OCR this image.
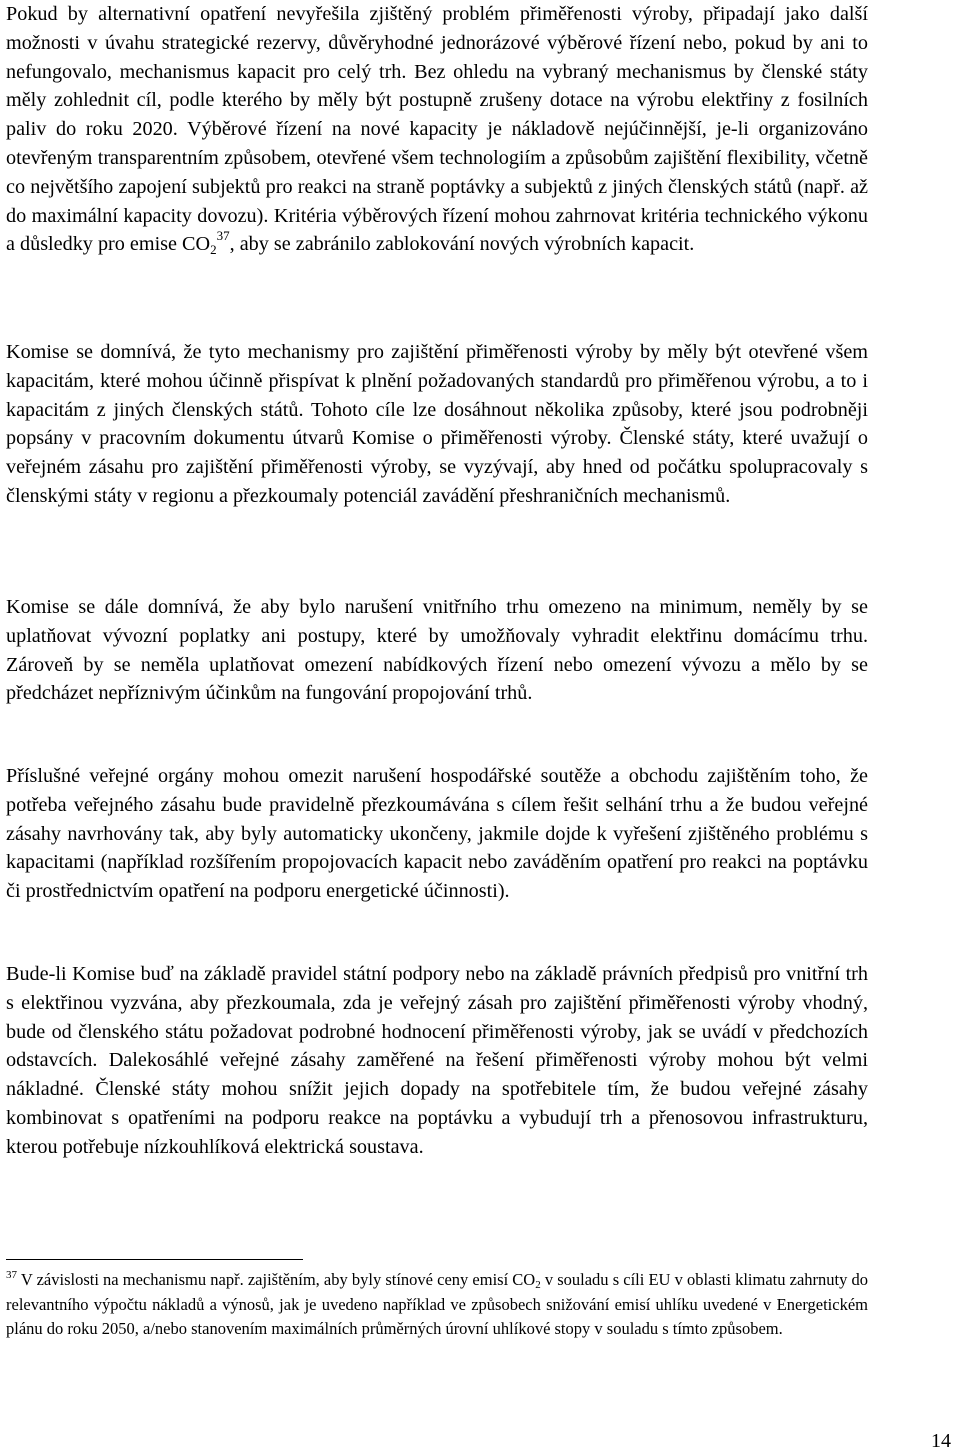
Pokud by alternativní opatření nevyřešila zjištěný problém přiměřenosti výroby, připadají jako další možnosti v úvahu strategické rezervy, důvěryhodné jednorázové výběrové řízení nebo, pokud by ani to nefungovalo, mechanismus kapacit pro celý trh. Bez ohledu na vybraný mechanismus by členské státy měly zohlednit cíl, podle kterého by měly být postupně zrušeny dotace na výrobu elektřiny z fosilních paliv do roku 2020. Výběrové řízení na nové kapacity je nákladově nejúčinnější, je-li organizováno otevřeným transparentním způsobem, otevřené všem technologiím a způsobům zajištění flexibility, včetně co největšího zapojení subjektů pro reakci na straně poptávky a subjektů z jiných členských států (např. až do maximální kapacity dovozu). Kritéria výběrových řízení mohou zahrnovat kritéria technického výkonu a důsledky pro emise $CO_2^{37}$, aby se zabránilo zablokování nových výrobních kapacit.

Komise se domnívá, že tyto mechanismy pro zajištění přiměřenosti výroby by měly být otevřené všem kapacitám, které mohou účinně přispívat k plnění požadovaných standardů pro přiměřenou výrobu, a to i kapacitám z jiných členských států. Tohoto cíle lze dosáhnout několika způsoby, které jsou podrobněji popsány v pracovním dokumentu útvarů Komise o přiměřenosti výroby. Členské státy, které uvažují o veřejném zásahu pro zajištění přiměřenosti výroby, se vyzývají, aby hned od počátku spolupracovaly s členskými státy v regionu a přezkoumaly potenciál zavádění přeshraničních mechanismů.

Komise se dále domnívá, že aby bylo narušení vnitřního trhu omezeno na minimum, neměly by se uplatňovat vývozní poplatky ani postupy, které by umožňovaly vyhradit elektřinu domácímu trhu. Zároveň by se neměla uplatňovat omezení nabídkových řízení nebo omezení vývozu a mělo by se předcházet nepříznivým účinkům na fungování propojování trhů.

Příslušné veřejné orgány mohou omezit narušení hospodářské soutěže a obchodu zajištěním toho, že potřeba veřejného zásahu bude pravidelně přezkoumávána s cílem řešit selhání trhu a že budou veřejné zásahy navrhovány tak, aby byly automaticky ukončeny, jakmile dojde k vyřešení zjištěného problému s kapacitami (například rozšířením propojovacích kapacit nebo zaváděním opatření pro reakci na poptávku či prostřednictvím opatření na podporu energetické účinnosti).

Bude-li Komise buď na základě pravidel státní podpory nebo na základě právních předpisů pro vnitřní trh s elektřinou vyzvána, aby přezkoumala, zda je veřejný zásah pro zajištění přiměřenosti výroby vhodný, bude od členského státu požadovat podrobné hodnocení přiměřenosti výroby, jak se uvádí v předchozích odstavcích. Dalekosáhlé veřejné zásahy zaměřené na řešení přiměřenosti výroby mohou být velmi nákladné. Členské státy mohou snížit jejich dopady na spotřebitele tím, že budou veřejné zásahy kombinovat s opatřeními na podporu reakce na poptávku a vybudují trh a přenosovou infrastrukturu, kterou potřebuje nízkouhlíková elektrická soustava.

$^{37}$ V závislosti na mechanismu např. zajištěním, aby byly stínové ceny emisí $CO_2$ v souladu s cíli EU v oblasti klimatu zahrnuty do relevantního výpočtu nákladů a výnosů, jak je uvedeno například ve způsobech snižování emisí uhlíku uvedené v Energetickém plánu do roku 2050, a/nebo stanovením maximálních průměrných úrovní uhlíkové stopy v souladu s tímto způsobem.

14
